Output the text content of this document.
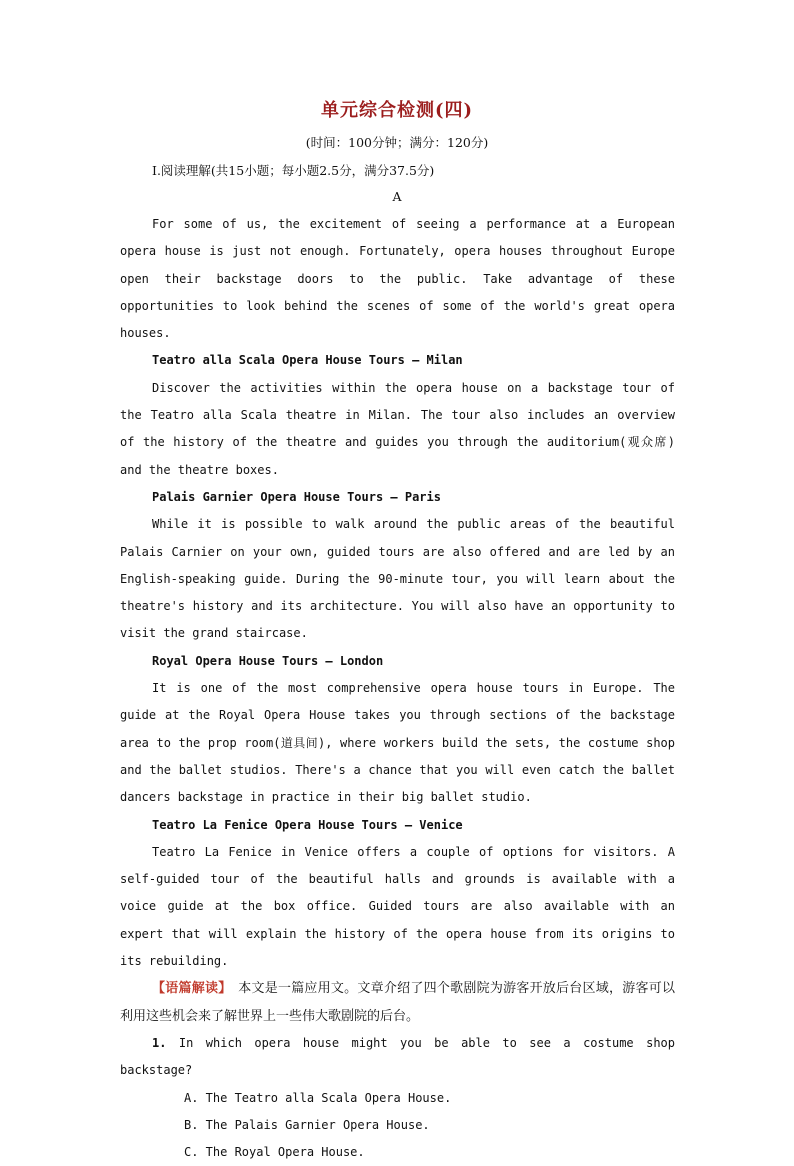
单元综合检测(四)
(时间：100分钟；满分：120分)
Ⅰ.阅读理解(共15小题；每小题2.5分，满分37.5分)
A

For some of us, the excitement of seeing a performance at a European opera house is just not enough. Fortunately, opera houses throughout Europe open their backstage doors to the public. Take advantage of these opportunities to look behind the scenes of some of the world's great opera houses.

Teatro alla Scala Opera House Tours — Milan

Discover the activities within the opera house on a backstage tour of the Teatro alla Scala theatre in Milan. The tour also includes an overview of the history of the theatre and guides you through the auditorium(观众席) and the theatre boxes.

Palais Garnier Opera House Tours — Paris

While it is possible to walk around the public areas of the beautiful Palais Carnier on your own, guided tours are also offered and are led by an English-speaking guide. During the 90-minute tour, you will learn about the theatre's history and its architecture. You will also have an opportunity to visit the grand staircase.

Royal Opera House Tours — London

It is one of the most comprehensive opera house tours in Europe. The guide at the Royal Opera House takes you through sections of the backstage area to the prop room(道具间), where workers build the sets, the costume shop and the ballet studios. There's a chance that you will even catch the ballet dancers backstage in practice in their big ballet studio.

Teatro La Fenice Opera House Tours — Venice

Teatro La Fenice in Venice offers a couple of options for visitors. A self-guided tour of the beautiful halls and grounds is available with a voice guide at the box office. Guided tours are also available with an expert that will explain the history of the opera house from its origins to its rebuilding.

【语篇解读】　 本文是一篇应用文。文章介绍了四个歌剧院为游客开放后台区域，游客可以利用这些机会来了解世界上一些伟大歌剧院的后台。

1. In which opera house might you be able to see a costume shop backstage?

A. The Teatro alla Scala Opera House.

B. The Palais Garnier Opera House.

C. The Royal Opera House.
